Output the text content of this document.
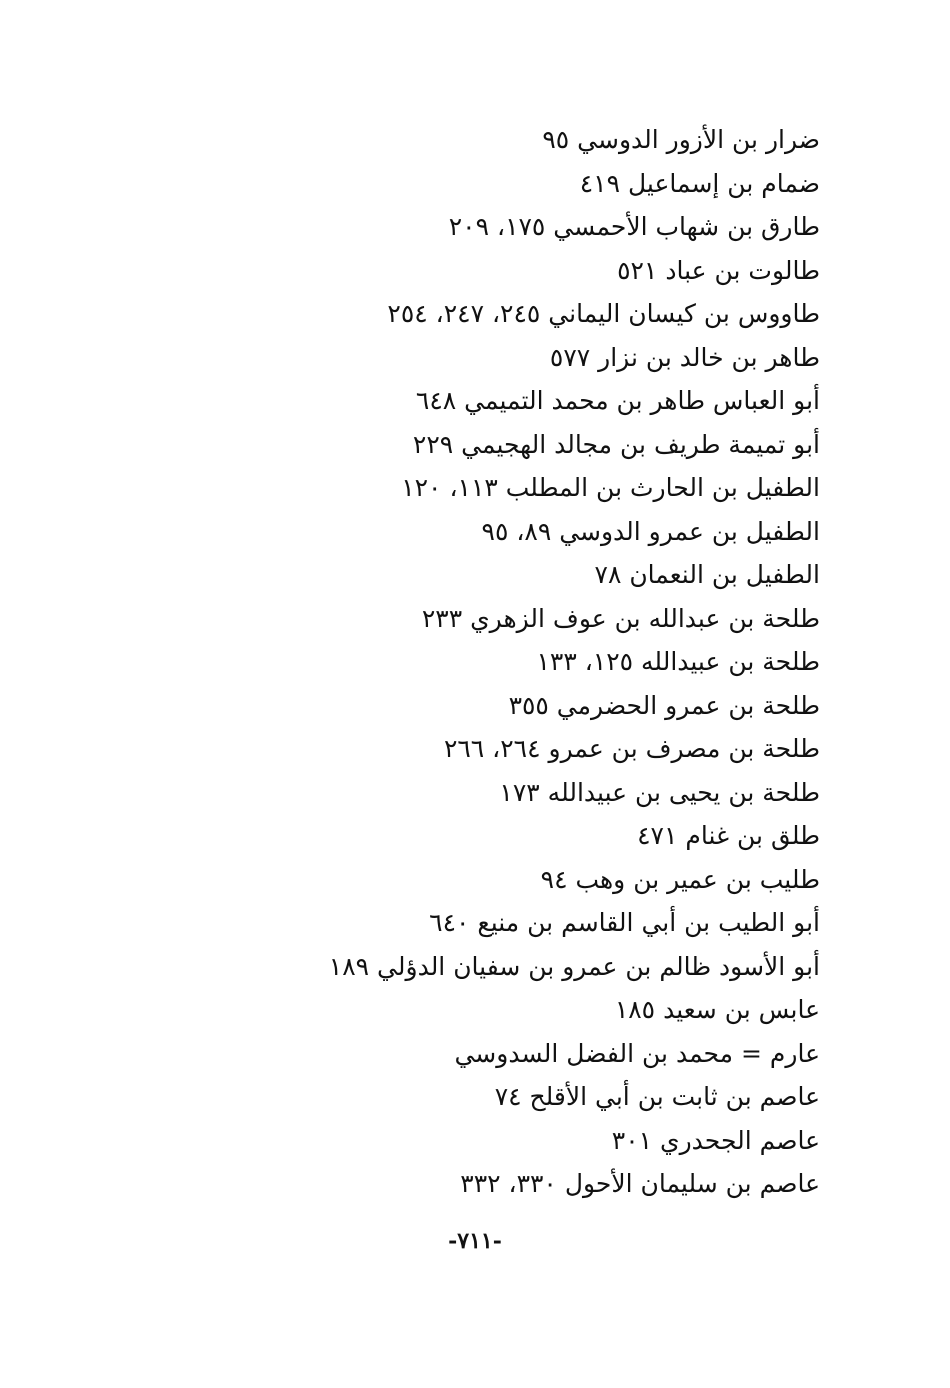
ضرار بن الأزور الدوسي ٩٥
ضمام بن إسماعيل ٤١٩
طارق بن شهاب الأحمسي ١٧٥، ٢٠٩
طالوت بن عباد ٥٢١
طاووس بن كيسان اليماني ٢٤٥، ٢٤٧، ٢٥٤
طاهر بن خالد بن نزار ٥٧٧
أبو العباس طاهر بن محمد التميمي ٦٤٨
أبو تميمة طريف بن مجالد الهجيمي ٢٢٩
الطفيل بن الحارث بن المطلب ١١٣، ١٢٠
الطفيل بن عمرو الدوسي ٨٩، ٩٥
الطفيل بن النعمان ٧٨
طلحة بن عبدالله بن عوف الزهري ٢٣٣
طلحة بن عبيدالله ١٢٥، ١٣٣
طلحة بن عمرو الحضرمي ٣٥٥
طلحة بن مصرف بن عمرو ٢٦٤، ٢٦٦
طلحة بن يحيى بن عبيدالله ١٧٣
طلق بن غنام ٤٧١
طليب بن عمير بن وهب ٩٤
أبو الطيب بن أبي القاسم بن منيع ٦٤٠
أبو الأسود ظالم بن عمرو بن سفيان الدؤلي ١٨٩
عابس بن سعيد ١٨٥
عارم = محمد بن الفضل السدوسي
عاصم بن ثابت بن أبي الأقلح ٧٤
عاصم الجحدري ٣٠١
عاصم بن سليمان الأحول ٣٣٠، ٣٣٢
-٧١١-
